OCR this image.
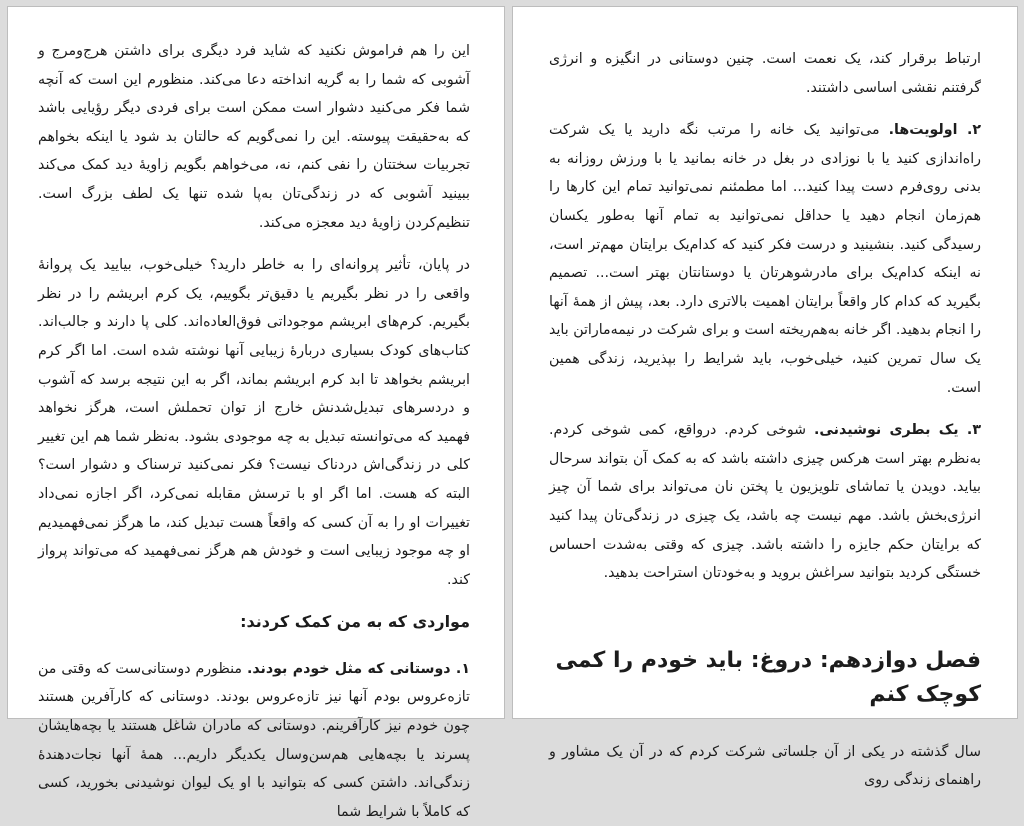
این را هم فراموش نکنید که شاید فرد دیگری برای داشتن هرج‌ومرج و آشوبی که شما را به گریه انداخته دعا می‌کند. منظورم این است که آنچه شما فکر می‌کنید دشوار است ممکن است برای فردی دیگر رؤیایی باشد که به‌حقیقت پیوسته. این را نمی‌گویم که حالتان بد شود یا اینکه بخواهم تجربیات سختتان را نفی کنم، نه، می‌خواهم بگویم زاویهٔ دید کمک می‌کند ببینید آشوبی که در زندگی‌تان به‌پا شده تنها یک لطف بزرگ است. تنظیم‌کردن زاویهٔ دید معجزه می‌کند.

در پایان، تأثیر پروانه‌ای را به خاطر دارید؟ خیلی‌خوب، بیایید یک پروانهٔ واقعی را در نظر بگیریم یا دقیق‌تر بگوییم، یک کرم ابریشم را در نظر بگیریم. کرم‌های ابریشم موجوداتی فوق‌العاده‌اند. کلی پا دارند و جالب‌اند. کتاب‌های کودک بسیاری دربارهٔ زیبایی آنها نوشته شده است. اما اگر کرم ابریشم بخواهد تا ابد کرم ابریشم بماند، اگر به این نتیجه برسد که آشوب و دردسرهای تبدیل‌شدنش خارج از توان تحملش است، هرگز نخواهد فهمید که می‌توانسته تبدیل به چه موجودی بشود. به‌نظر شما هم این تغییر کلی در زندگی‌اش دردناک نیست؟ فکر نمی‌کنید ترسناک و دشوار است؟ البته که هست. اما اگر او با ترسش مقابله نمی‌کرد، اگر اجازه نمی‌داد تغییرات او را به آن کسی که واقعاً هست تبدیل کند، ما هرگز نمی‌فهمیدیم او چه موجود زیبایی است و خودش هم هرگز نمی‌فهمید که می‌تواند پرواز کند.

مواردی که به من کمک کردند:

۱. دوستانی که مثل خودم بودند. منظورم دوستانی‌ست که وقتی من تازه‌عروس بودم آنها نیز تازه‌عروس بودند. دوستانی که کارآفرین هستند چون خودم نیز کارآفرینم. دوستانی که مادران شاغل هستند یا بچه‌هایشان پسرند یا بچه‌هایی هم‌سن‌وسال یکدیگر داریم... همهٔ آنها نجات‌دهندهٔ زندگی‌اند. داشتن کسی که بتوانید با او یک لیوان نوشیدنی بخورید، کسی که کاملاً با شرایط شما

ارتباط برقرار کند، یک نعمت است. چنین دوستانی در انگیزه و انرژی گرفتنم نقشی اساسی داشتند.

۲. اولویت‌ها. می‌توانید یک خانه را مرتب نگه دارید یا یک شرکت راه‌اندازی کنید یا با نوزادی در بغل در خانه بمانید یا با ورزش روزانه به بدنی روی‌فرم دست پیدا کنید... اما مطمئنم نمی‌توانید تمام این کارها را هم‌زمان انجام دهید یا حداقل نمی‌توانید به تمام آنها به‌طور یکسان رسیدگی کنید. بنشینید و درست فکر کنید که کدام‌یک برایتان مهم‌تر است، نه اینکه کدام‌یک برای مادرشوهرتان یا دوستانتان بهتر است... تصمیم بگیرید که کدام کار واقعاً برایتان اهمیت بالاتری دارد. بعد، پیش از همهٔ آنها را انجام بدهید. اگر خانه به‌هم‌ریخته است و برای شرکت در نیمه‌ماراتن باید یک سال تمرین کنید، خیلی‌خوب، باید شرایط را بپذیرید، زندگی همین است.

۳. یک بطری نوشیدنی. شوخی کردم. درواقع، کمی شوخی کردم. به‌نظرم بهتر است هرکس چیزی داشته باشد که به کمک آن بتواند سرحال بیاید. دویدن یا تماشای تلویزیون یا پختن نان می‌تواند برای شما آن چیز انرژی‌بخش باشد. مهم نیست چه باشد، یک چیزی در زندگی‌تان پیدا کنید که برایتان حکم جایزه را داشته باشد. چیزی که وقتی به‌شدت احساس خستگی کردید بتوانید سراغش بروید و به‌خودتان استراحت بدهید.

فصل دوازدهم: دروغ: باید خودم را کمی کوچک کنم

سال گذشته در یکی از آن جلساتی شرکت کردم که در آن یک مشاور و راهنمای زندگی روی
